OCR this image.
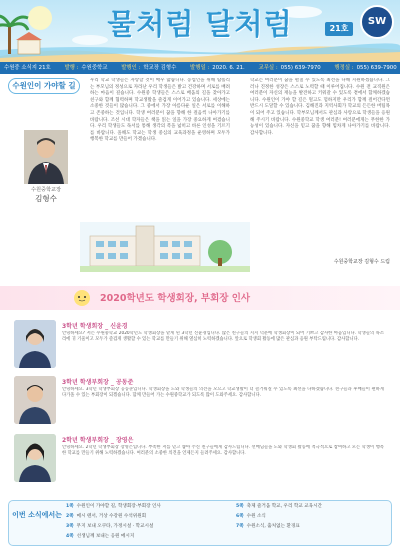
물처럼 달처럼	21호
SW
수원중 소식지 21호	발행 : 수원중학교	발행인 : 학교장 김형수	발행일 : 2020. 6. 21.	교무실 : 055) 639-7970	행정실 : 055) 639-7900
수원인이 가야할 길
수원중학교장
김형수
우리 학교 학생들은 자랑할 것이 매우 많습니다. 농업인을 위해 땀흘리는 부모님의 정성으로 자라난 우리 학생들은 밝고 건강하며 서로를 배려하는 마음이 깊습니다. 수원중 학생들은 스스로 배움의 길을 찾아가고 친구와 함께 협력하며 학교생활을 즐겁게 이어가고 있습니다. 세상에는 소중한 것들이 많습니다. 그 중에서 가장 아름다운 일은 서로를 이해하고 존중하는 것입니다. 학생 여러분이 꿈을 향해 한 걸음씩 나아가기를 바랍니다. 조선 시대 학자들은 책을 읽는 일을 가장 중요하게 여겼습니다. 우리 학생들도 독서를 통해 생각의 폭을 넓히고 바른 인성을 기르기를 바랍니다. 올해도 학교는 학생 중심의 교육과정을 운영하며 모두가 행복한 학교를 만들어 가겠습니다.
학교는 여러분이 꿈을 펼칠 수 있도록 최선을 다해 지원하겠습니다. 그러나 진정한 성장은 스스로 노력할 때 이루어집니다. 수원 전 교직원은 여러분이 자신의 재능을 발견하고 키워갈 수 있도록 곁에서 함께하겠습니다. 수원인이 가야 할 길은 멀고도 험하지만 우리가 함께 걸어간다면 반드시 도달할 수 있습니다. 김해진과 지역사회가 학교의 든든한 버팀목이 되어 주고 있습니다. 학부모님께서도 관심과 사랑으로 학생들을 응원해 주시기 바랍니다. 수원중학교 학생 여러분! 여러분에게는 무한한 가능성이 있습니다. 자신을 믿고 꿈을 향해 힘차게 나아가기를 바랍니다. 감사합니다.
수원중학교장 김형수 드림
2020학년도 학생회장, 부회장 인사
3학년 학생회장 _ 신윤경
안녕하세요? 저는 수원중학교 2020학년도 학생회장을 맡게 된 3학년 신윤경입니다. 많은 친구들의 지지 덕분에 학생회장이 되어 기쁘고 감사한 마음입니다. 학생들의 목소리에 귀 기울이고 모두가 즐겁게 생활할 수 있는 학교를 만들기 위해 열심히 노력하겠습니다. 앞으로 학생회 활동에 많은 관심과 응원 부탁드립니다. 감사합니다.
3학년 학생부회장 _ 공동준
안녕하세요. 3학년 학생부회장 공동준입니다. 학생회장을 도와 학생들의 의견을 모으고 학교생활이 더 즐거워질 수 있도록 최선을 다하겠습니다. 친구들과 후배들이 편하게 다가올 수 있는 부회장이 되겠습니다. 함께 만들어 가는 수원중학교가 되도록 많이 도와주세요. 감사합니다.
2학년 학생부회장 _ 장영은
안녕하세요. 2학년 학생부회장 장영은입니다. 부족한 저를 믿고 뽑아 주신 친구들에게 감사드립니다. 선배님들을 도와 학생회 활동에 적극적으로 참여하고 모든 학생이 행복한 학교를 만들기 위해 노력하겠습니다. 여러분의 소중한 의견을 언제든지 들려주세요. 감사합니다.
이번 소식에서는
1쪽 수원인이 가야할 길, 학생회장·부회장 인사
2쪽 메시 텐서, 거상 수강원 수석위원회
3쪽 무지 보내 오쿠타, 가정시설 · 학교시설
4쪽 선생님께 보내는 응원 메시지
5쪽 축제 즐거움 학교, 우리 학교 교육시간
6쪽 수원 소식
7쪽 수원소식, 출처없는 환경표
